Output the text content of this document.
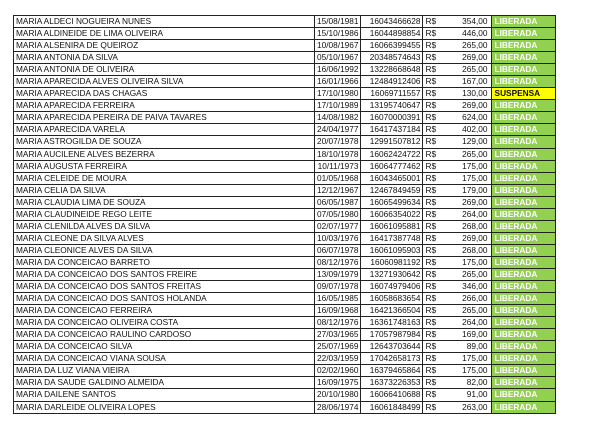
MARIA ALDECI NOGUEIRA NUNES	15/08/1981	16043466628	R$	354,00	LIBERADA
MARIA ALDINEIDE DE LIMA OLIVEIRA	15/10/1986	16044898854	R$	446,00	LIBERADA
MARIA ALSENIRA DE QUEIROZ	10/08/1967	16066399455	R$	265,00	LIBERADA
MARIA ANTONIA DA SILVA	05/10/1967	20348574643	R$	269,00	LIBERADA
MARIA ANTONIA DE OLIVEIRA	16/06/1992	13228668648	R$	265,00	LIBERADA
MARIA APARECIDA ALVES OLIVEIRA SILVA	16/01/1966	12484912406	R$	167,00	LIBERADA
MARIA APARECIDA DAS CHAGAS	17/10/1980	16069711557	R$	130,00	SUSPENSA
MARIA APARECIDA FERREIRA	17/10/1989	13195740647	R$	269,00	LIBERADA
MARIA APARECIDA PEREIRA DE PAIVA TAVARES	14/08/1982	16070000391	R$	624,00	LIBERADA
MARIA APARECIDA VARELA	24/04/1977	16417437184	R$	402,00	LIBERADA
MARIA ASTROGILDA DE SOUZA	20/07/1978	12991507812	R$	129,00	LIBERADA
MARIA AUCILENE ALVES BEZERRA	18/10/1978	16062424722	R$	265,00	LIBERADA
MARIA AUGUSTA FERREIRA	10/11/1973	16064777462	R$	175,00	LIBERADA
MARIA CELEIDE DE MOURA	01/05/1968	16043465001	R$	175,00	LIBERADA
MARIA CELIA DA SILVA	12/12/1967	12467849459	R$	179,00	LIBERADA
MARIA CLAUDIA LIMA DE SOUZA	06/05/1987	16065499634	R$	269,00	LIBERADA
MARIA CLAUDINEIDE REGO LEITE	07/05/1980	16066354022	R$	264,00	LIBERADA
MARIA CLENILDA ALVES DA SILVA	02/07/1977	16061095881	R$	268,00	LIBERADA
MARIA CLEONE DA SILVA ALVES	10/03/1976	16417387748	R$	269,00	LIBERADA
MARIA CLEONICE ALVES DA SILVA	06/07/1978	16061095903	R$	268,00	LIBERADA
MARIA DA CONCEICAO BARRETO	08/12/1976	16060981192	R$	175,00	LIBERADA
MARIA DA CONCEICAO DOS SANTOS FREIRE	13/09/1979	13271930642	R$	265,00	LIBERADA
MARIA DA CONCEICAO DOS SANTOS FREITAS	09/07/1978	16074979406	R$	346,00	LIBERADA
MARIA DA CONCEICAO DOS SANTOS HOLANDA	16/05/1985	16058683654	R$	266,00	LIBERADA
MARIA DA CONCEICAO FERREIRA	16/09/1968	16421366504	R$	265,00	LIBERADA
MARIA DA CONCEICAO OLIVEIRA COSTA	08/12/1976	16361748163	R$	264,00	LIBERADA
MARIA DA CONCEICAO RAULINO CARDOSO	27/03/1965	17057987984	R$	169,00	LIBERADA
MARIA DA CONCEICAO SILVA	25/07/1969	12643703644	R$	89,00	LIBERADA
MARIA DA CONCEICAO VIANA SOUSA	22/03/1959	17042658173	R$	175,00	LIBERADA
MARIA DA LUZ VIANA VIEIRA	02/02/1960	16379465864	R$	175,00	LIBERADA
MARIA DA SAUDE GALDINO ALMEIDA	16/09/1975	16373226353	R$	82,00	LIBERADA
MARIA DAILENE SANTOS	20/10/1980	16066410688	R$	91,00	LIBERADA
MARIA DARLEIDE OLIVEIRA LOPES	28/06/1974	16061848499	R$	263,00	LIBERADA
